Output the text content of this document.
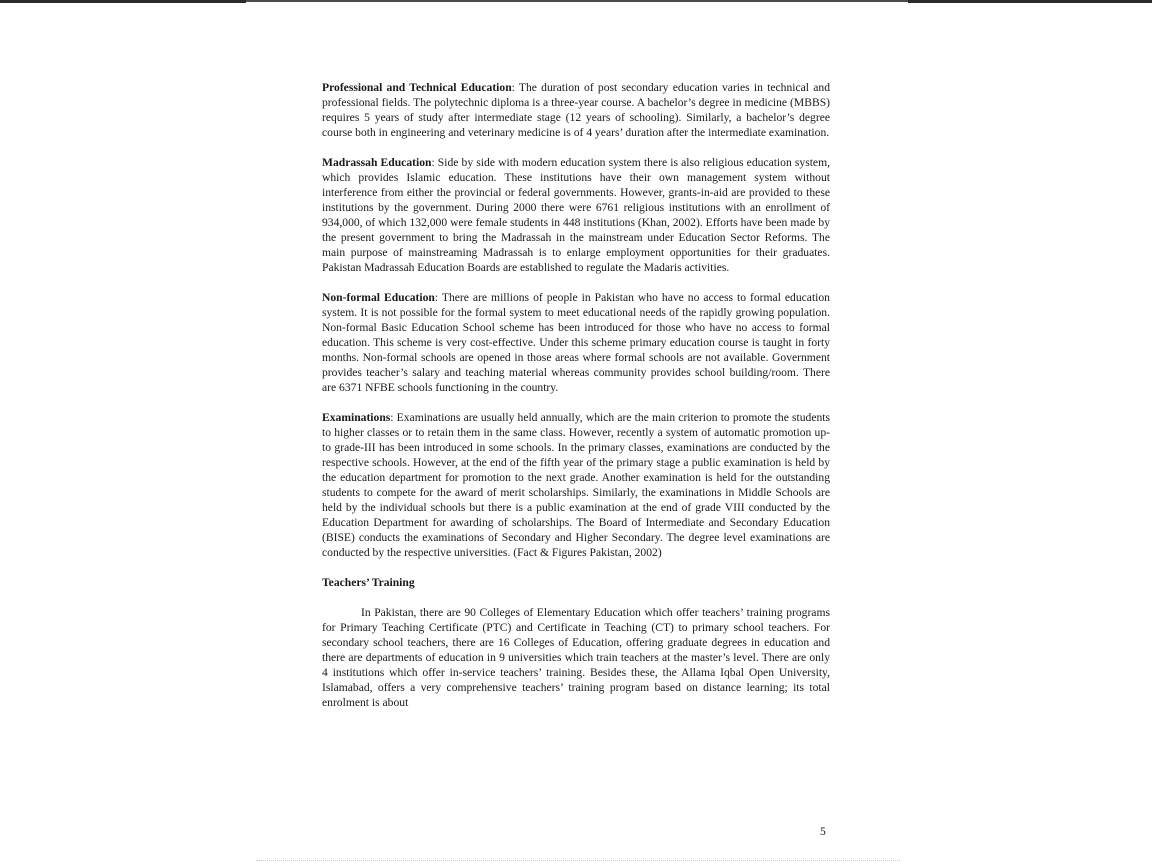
Professional and Technical Education: The duration of post secondary education varies in technical and professional fields. The polytechnic diploma is a three-year course. A bachelor’s degree in medicine (MBBS) requires 5 years of study after intermediate stage (12 years of schooling). Similarly, a bachelor’s degree course both in engineering and veterinary medicine is of 4 years’ duration after the intermediate examination.

Madrassah Education: Side by side with modern education system there is also religious education system, which provides Islamic education. These institutions have their own management system without interference from either the provincial or federal governments. However, grants-in-aid are provided to these institutions by the government. During 2000 there were 6761 religious institutions with an enrollment of 934,000, of which 132,000 were female students in 448 institutions (Khan, 2002). Efforts have been made by the present government to bring the Madrassah in the mainstream under Education Sector Reforms. The main purpose of mainstreaming Madrassah is to enlarge employment opportunities for their graduates. Pakistan Madrassah Education Boards are established to regulate the Madaris activities.

Non-formal Education: There are millions of people in Pakistan who have no access to formal education system. It is not possible for the formal system to meet educational needs of the rapidly growing population. Non-formal Basic Education School scheme has been introduced for those who have no access to formal education. This scheme is very cost-effective. Under this scheme primary education course is taught in forty months. Non-formal schools are opened in those areas where formal schools are not available. Government provides teacher’s salary and teaching material whereas community provides school building/room. There are 6371 NFBE schools functioning in the country.

Examinations: Examinations are usually held annually, which are the main criterion to promote the students to higher classes or to retain them in the same class. However, recently a system of automatic promotion up-to grade-III has been introduced in some schools. In the primary classes, examinations are conducted by the respective schools. However, at the end of the fifth year of the primary stage a public examination is held by the education department for promotion to the next grade. Another examination is held for the outstanding students to compete for the award of merit scholarships. Similarly, the examinations in Middle Schools are held by the individual schools but there is a public examination at the end of grade VIII conducted by the Education Department for awarding of scholarships. The Board of Intermediate and Secondary Education (BISE) conducts the examinations of Secondary and Higher Secondary. The degree level examinations are conducted by the respective universities. (Fact & Figures Pakistan, 2002)

Teachers’ Training

In Pakistan, there are 90 Colleges of Elementary Education which offer teachers’ training programs for Primary Teaching Certificate (PTC) and Certificate in Teaching (CT) to primary school teachers. For secondary school teachers, there are 16 Colleges of Education, offering graduate degrees in education and there are departments of education in 9 universities which train teachers at the master’s level. There are only 4 institutions which offer in-service teachers’ training. Besides these, the Allama Iqbal Open University, Islamabad, offers a very comprehensive teachers’ training program based on distance learning; its total enrolment is about

5
